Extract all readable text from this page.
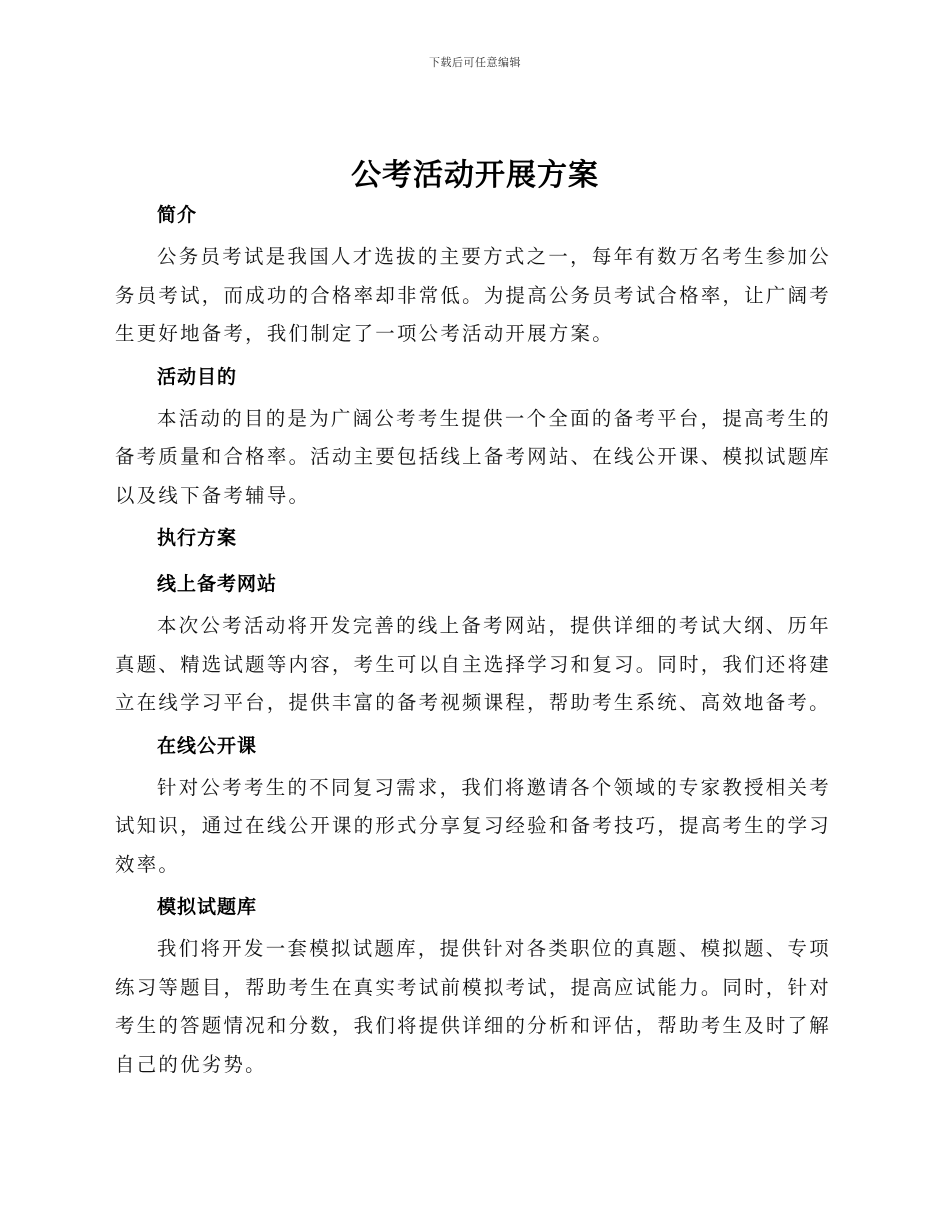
下载后可任意编辑
公考活动开展方案
简介

公务员考试是我国人才选拔的主要方式之一，每年有数万名考生参加公务员考试，而成功的合格率却非常低。为提高公务员考试合格率，让广阔考生更好地备考，我们制定了一项公考活动开展方案。

活动目的

本活动的目的是为广阔公考考生提供一个全面的备考平台，提高考生的备考质量和合格率。活动主要包括线上备考网站、在线公开课、模拟试题库以及线下备考辅导。

执行方案
线上备考网站

本次公考活动将开发完善的线上备考网站，提供详细的考试大纲、历年真题、精选试题等内容，考生可以自主选择学习和复习。同时，我们还将建立在线学习平台，提供丰富的备考视频课程，帮助考生系统、高效地备考。

在线公开课

针对公考考生的不同复习需求，我们将邀请各个领域的专家教授相关考试知识，通过在线公开课的形式分享复习经验和备考技巧，提高考生的学习效率。

模拟试题库

我们将开发一套模拟试题库，提供针对各类职位的真题、模拟题、专项练习等题目，帮助考生在真实考试前模拟考试，提高应试能力。同时，针对考生的答题情况和分数，我们将提供详细的分析和评估，帮助考生及时了解自己的优劣势。
